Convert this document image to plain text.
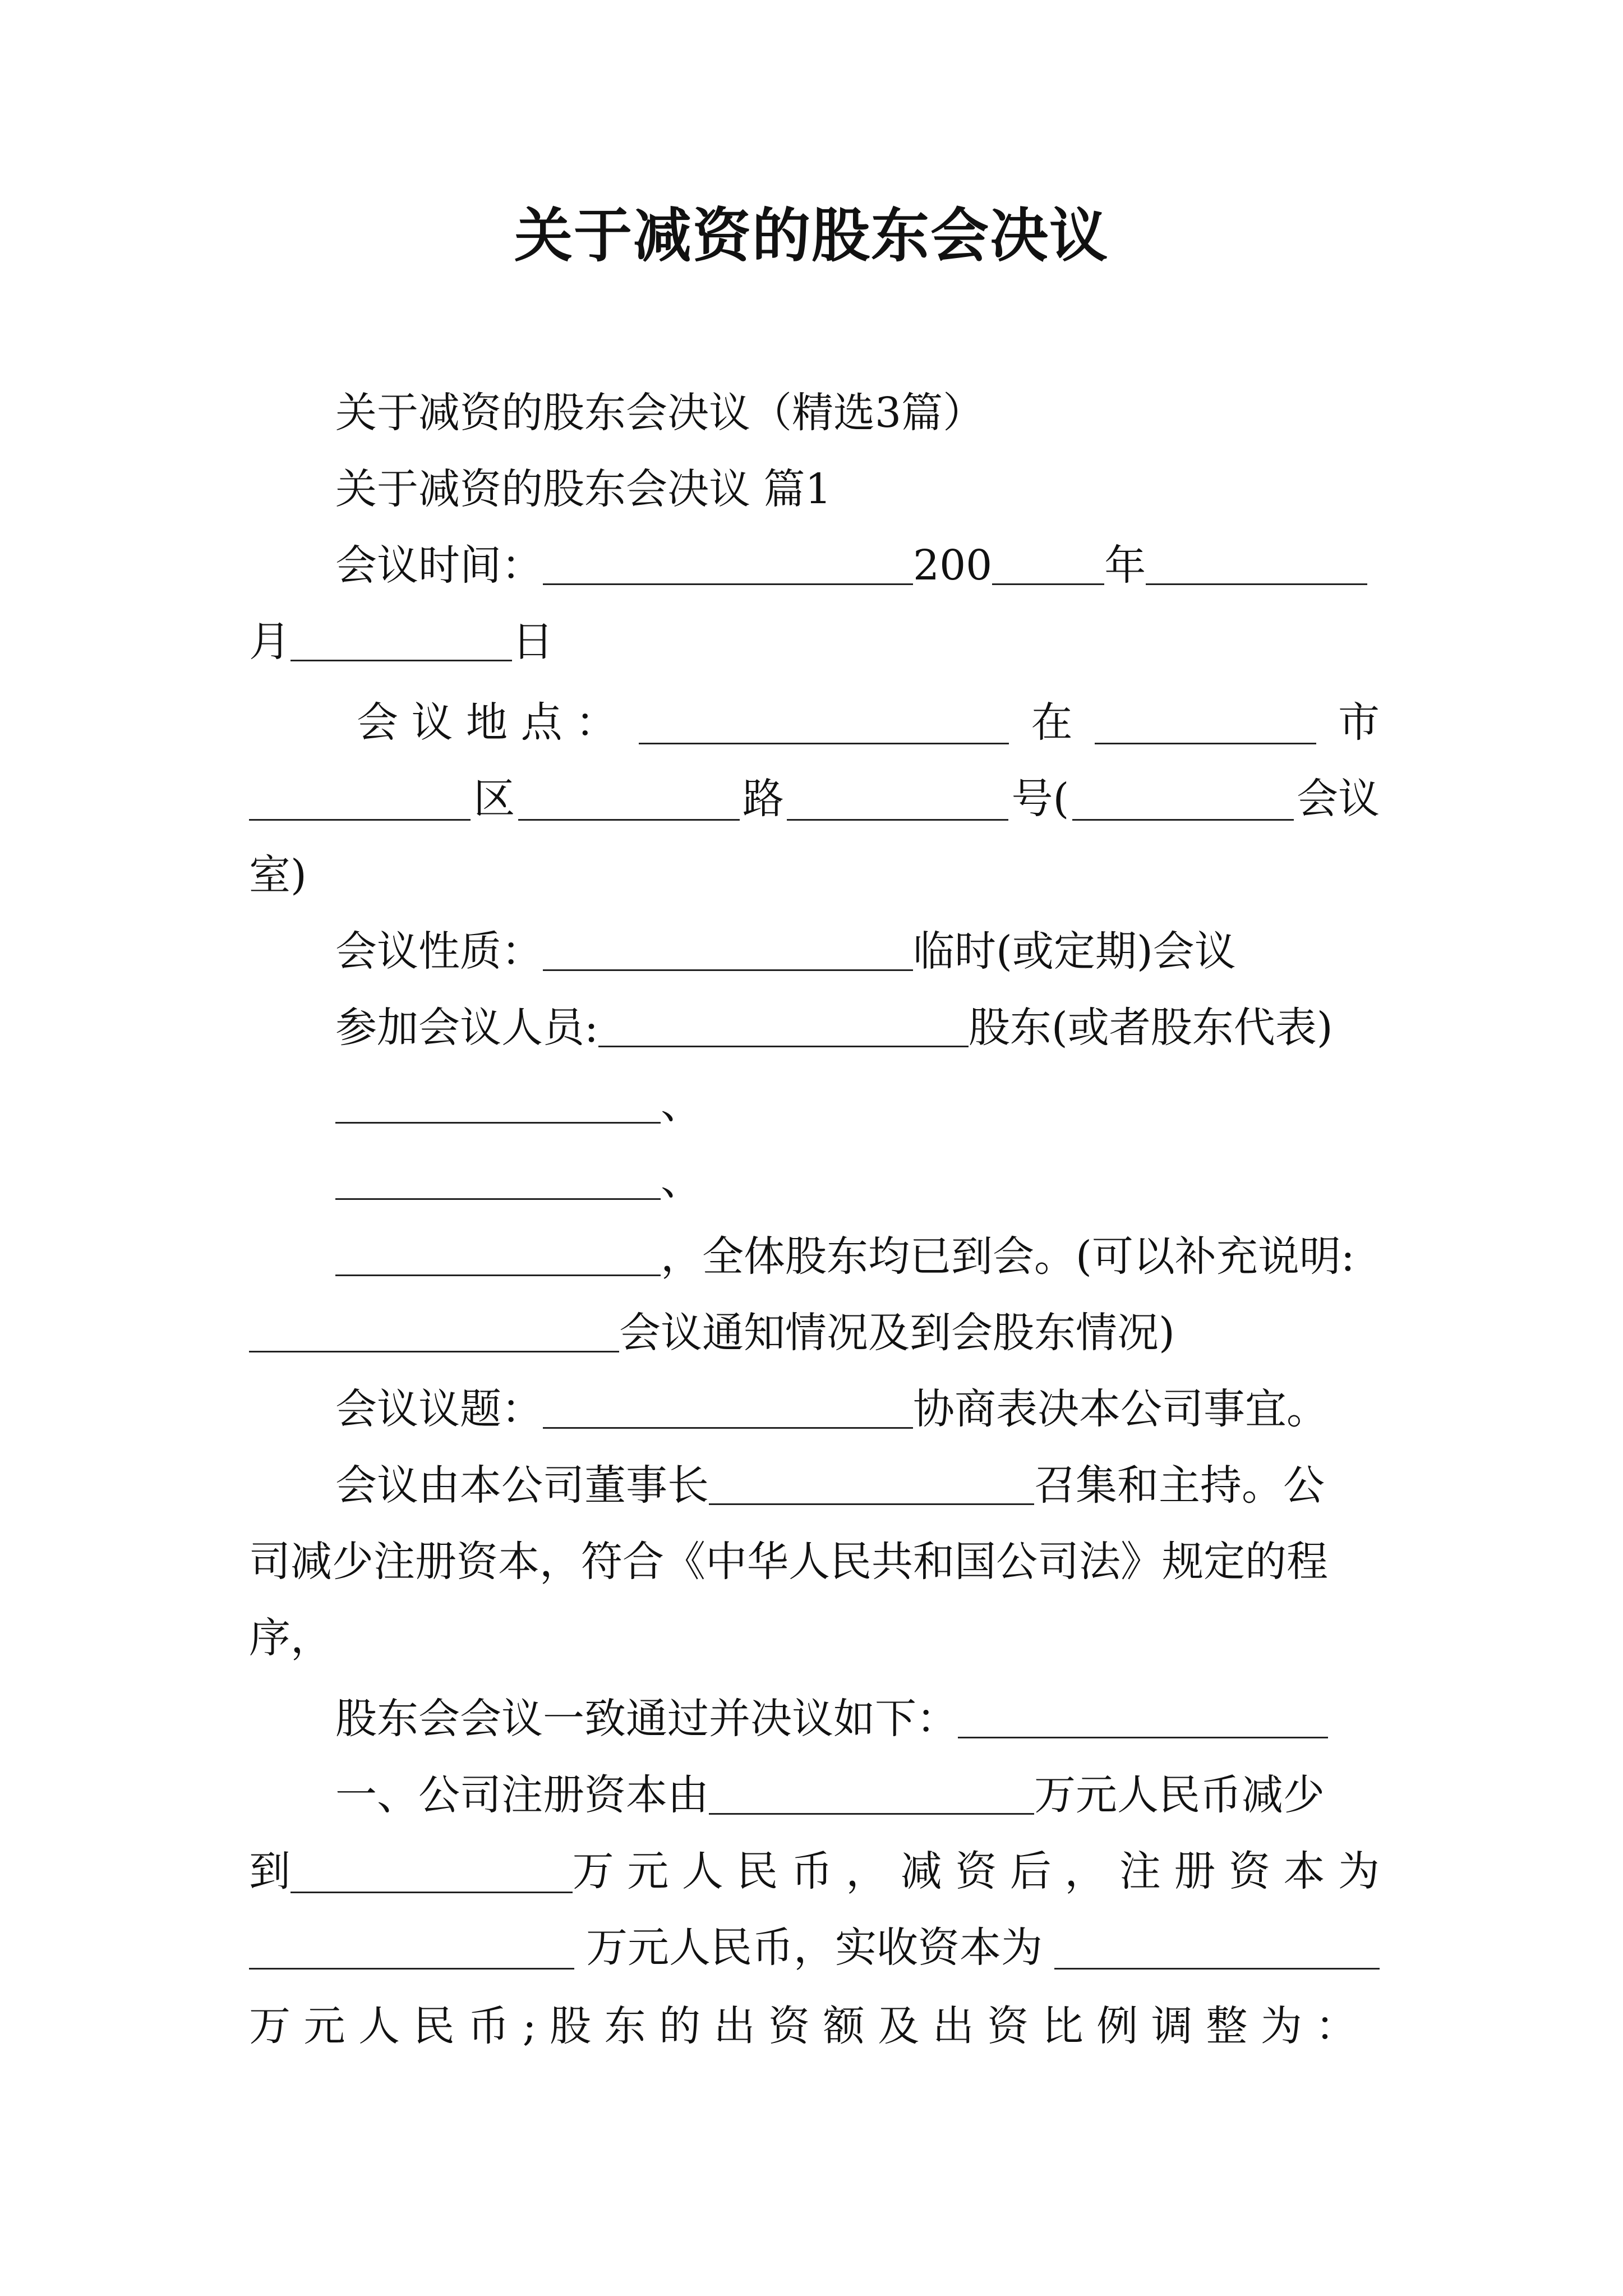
关于减资的股东会决议
关于减资的股东会决议（精选3篇）
关于减资的股东会决议 篇1
会议时间：	200	年
月	日
会 议 地 点 ：	在	市
区	路	号(	会议
室)
会议性质：	临时(或定期)会议
参加会议人员:	股东(或者股东代表)
、
、
，全体股东均已到会。(可以补充说明:
会议通知情况及到会股东情况)
会议议题：	协商表决本公司事宜。
会议由本公司董事长	召集和主持。公
司减少注册资本，符合《中华人民共和国公司法》规定的程
序，
股东会会议一致通过并决议如下：
一、公司注册资本由	万元人民币减少
到	万 元 人 民 币 ， 减 资 后 ， 注 册 资 本 为
万元人民币，实收资本为
万 元 人 民 币 ; 股 东 的 出 资 额 及 出 资 比 例 调 整 为 ：
